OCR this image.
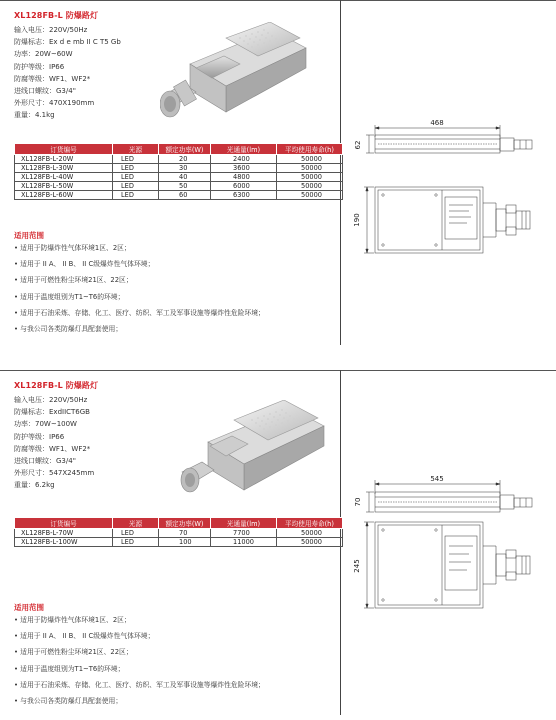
XL128FB-L 防爆路灯
输入电压：220V/50Hz
防爆标志：Ex d e mb II C T5 Gb
功率：20W~60W
防护等级：IP66
防腐等级：WF1、WF2*
进线口螺纹：G3/4"
外形尺寸：470X190mm
重量：4.1kg
订货编号	光源	额定功率(W)	光通量(lm)	平均使用寿命(h)
XL128FB-L-20W	LED	20	2400	50000
XL128FB-L-30W	LED	30	3600	50000
XL128FB-L-40W	LED	40	4800	50000
XL128FB-L-50W	LED	50	6000	50000
XL128FB-L-60W	LED	60	6300	50000
适用范围
• 适用于防爆炸性气体环境1区、2区；
• 适用于 II A、 II B、 II C级爆炸性气体环境；
• 适用于可燃性粉尘环境21区、22区；
• 适用于温度组别为T1~T6的环境；
• 适用于石油采炼、存储、化工、医疗、纺织、军工及军事设施等爆炸性危险环境；
• 与我公司各类防爆灯具配套使用；
468
62
190
XL128FB-L 防爆路灯
输入电压：220V/50Hz
防爆标志：ExdIICT6GB
功率：70W~100W
防护等级：IP66
防腐等级：WF1、WF2*
进线口螺纹：G3/4"
外形尺寸：547X245mm
重量：6.2kg
订货编号	光源	额定功率(W)	光通量(lm)	平均使用寿命(h)
XL128FB-L-70W	LED	70	7700	50000
XL128FB-L-100W	LED	100	11000	50000
适用范围
• 适用于防爆炸性气体环境1区、2区；
• 适用于 II A、 II B、 II C级爆炸性气体环境；
• 适用于可燃性粉尘环境21区、22区；
• 适用于温度组别为T1~T6的环境；
• 适用于石油采炼、存储、化工、医疗、纺织、军工及军事设施等爆炸性危险环境；
• 与我公司各类防爆灯具配套使用；
545
70
245
